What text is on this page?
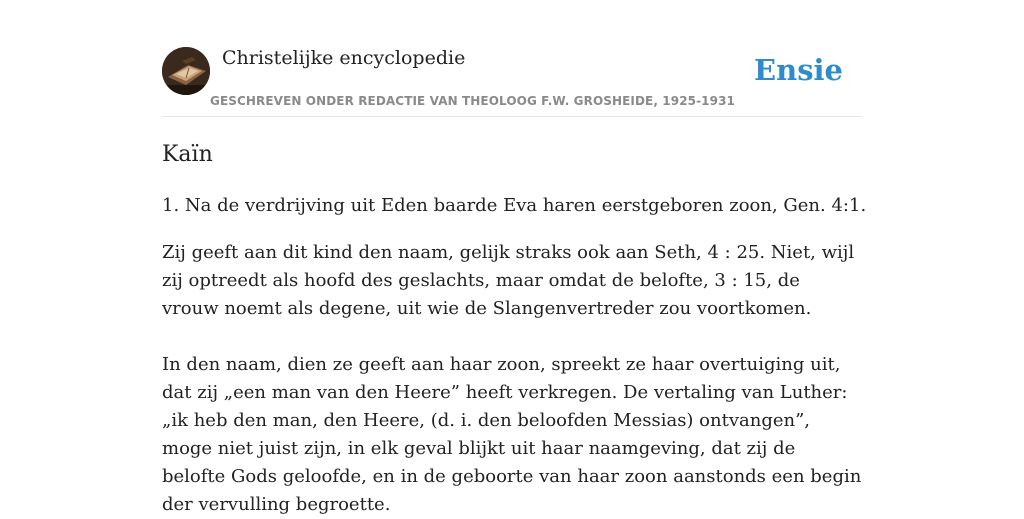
Christelijke encyclopedie
GESCHREVEN ONDER REDACTIE VAN THEOLOOG F.W. GROSHEIDE, 1925-1931
Ensie
Kaïn

1. Na de verdrijving uit Eden baarde Eva haren eerstgeboren zoon, Gen. 4:1.

Zij geeft aan dit kind den naam, gelijk straks ook aan Seth, 4 : 25. Niet, wijl zij optreedt als hoofd des geslachts, maar omdat de belofte, 3 : 15, de vrouw noemt als degene, uit wie de Slangenvertreder zou voortkomen.

In den naam, dien ze geeft aan haar zoon, spreekt ze haar overtuiging uit, dat zij „een man van den Heere” heeft verkregen. De vertaling van Luther: „ik heb den man, den Heere, (d. i. den beloofden Messias) ontvangen”, moge niet juist zijn, in elk geval blijkt uit haar naamgeving, dat zij de belofte Gods geloofde, en in de geboorte van haar zoon aanstonds een begin der vervulling begroette.
